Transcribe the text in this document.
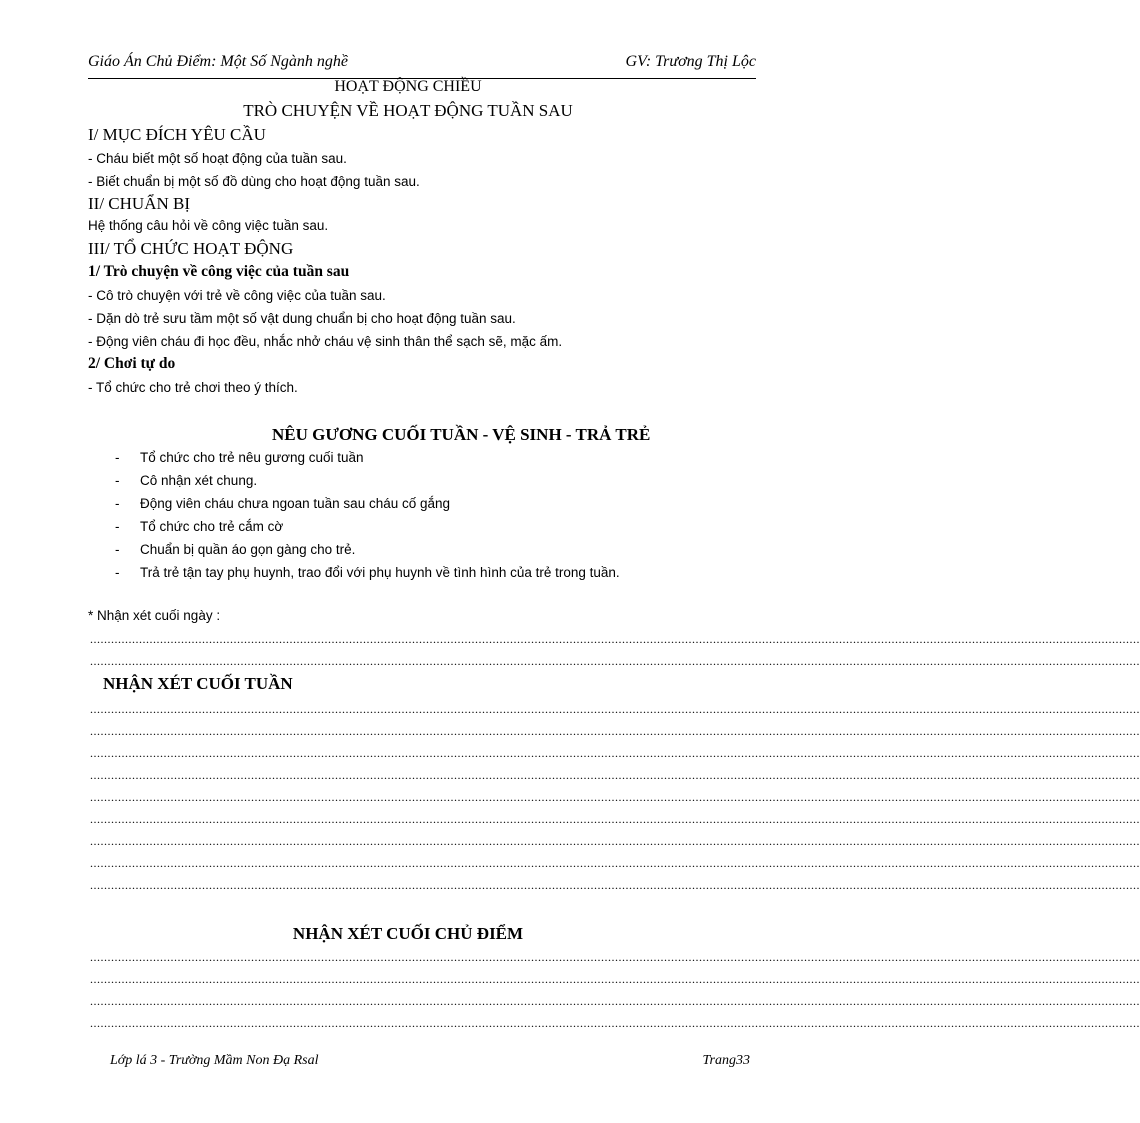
Giáo Án Chủ Điểm: Một Số Ngành nghề	GV: Trương Thị Lộc
HOẠT ĐỘNG CHIỀU
TRÒ CHUYỆN VỀ HOẠT ĐỘNG TUẦN SAU
I/ MỤC ĐÍCH YÊU CẦU
- Cháu biết một số hoạt động của tuần sau.
- Biết chuẩn bị một số đồ dùng cho hoạt động tuần sau.
II/ CHUẨN BỊ
Hệ thống câu hỏi về công việc tuần sau.
III/ TỔ CHỨC HOẠT ĐỘNG
1/ Trò chuyện về công việc của tuần sau
- Cô trò chuyện với trẻ về công việc của tuần sau.
- Dặn dò trẻ sưu tầm một số vật dung chuẩn bị cho hoạt động tuần sau.
- Động viên cháu đi học đều, nhắc nhở cháu vệ sinh thân thể sạch sẽ, mặc ấm.
2/ Chơi tự do
- Tổ chức cho trẻ chơi theo ý thích.
NÊU GƯƠNG CUỐI TUẦN - VỆ SINH - TRẢ TRẺ
- Tổ chức cho trẻ nêu gương cuối tuần
- Cô nhận xét chung.
- Động viên cháu chưa ngoan tuần sau cháu cố gắng
- Tổ chức cho trẻ cắm cờ
- Chuẩn bị quần áo gọn gàng cho trẻ.
- Trả trẻ tận tay phụ huynh, trao đổi với phụ huynh về tình hình của trẻ trong tuần.
* Nhận xét cuối ngày :
............................................................................................................................................................................................................................................................................................................
............................................................................................................................................................................................................................................................................................................
NHẬN XÉT CUỐI TUẦN
............................................................................................................................................................................................................................................................................................................
............................................................................................................................................................................................................................................................................................................
............................................................................................................................................................................................................................................................................................................
............................................................................................................................................................................................................................................................................................................
............................................................................................................................................................................................................................................................................................................
............................................................................................................................................................................................................................................................................................................
............................................................................................................................................................................................................................................................................................................
............................................................................................................................................................................................................................................................................................................
............................................................................................................................................................................................................................................................................................................
NHẬN XÉT CUỐI CHỦ ĐIỂM
............................................................................................................................................................................................................................................................................................................
............................................................................................................................................................................................................................................................................................................
............................................................................................................................................................................................................................................................................................................
............................................................................................................................................................................................................................................................................................................
Lớp lá 3 - Trường Mầm Non Đạ Rsal	Trang33
